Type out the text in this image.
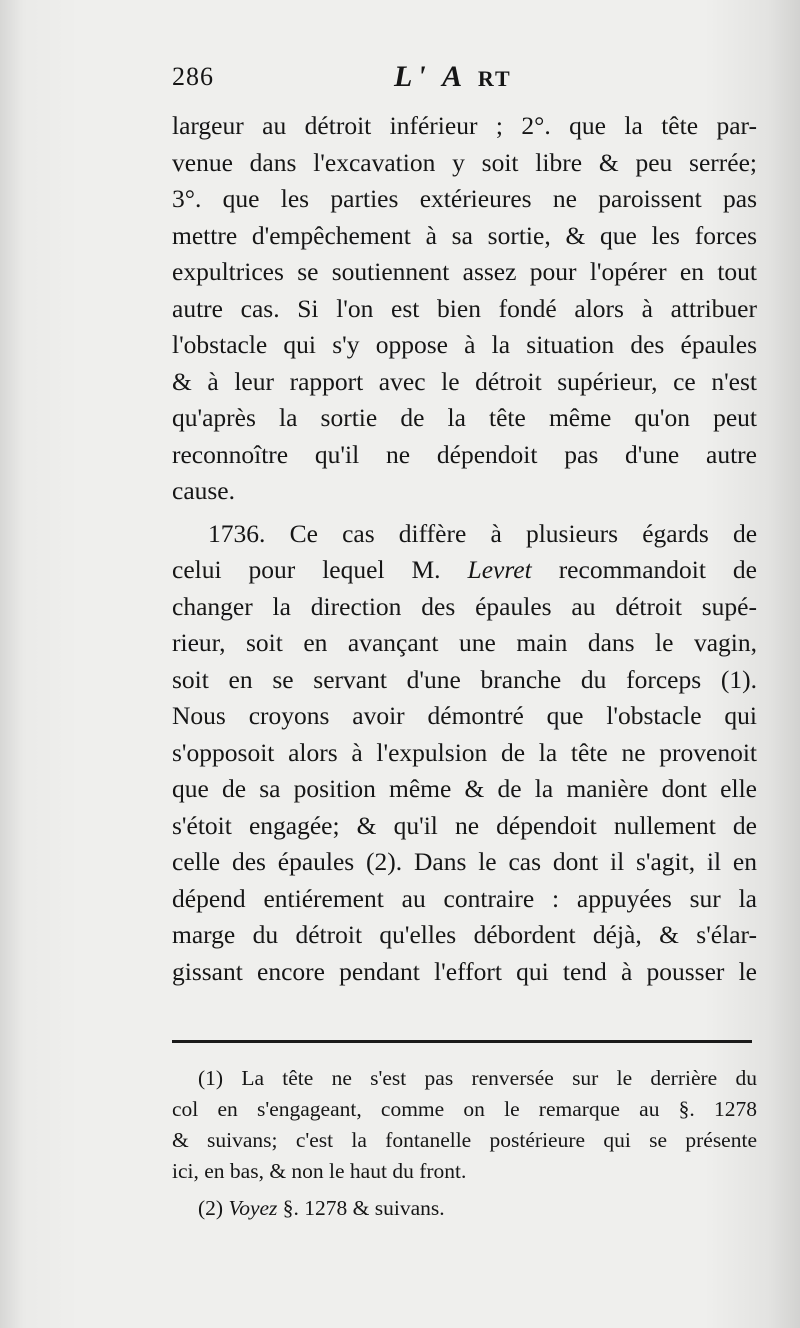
286	L' A RT
largeur au détroit inférieur ; 2°. que la tête par-
venue dans l'excavation y soit libre & peu serrée;
3°. que les parties extérieures ne paroissent pas
mettre d'empêchement à sa sortie, & que les forces
expultrices se soutiennent assez pour l'opérer en tout
autre cas. Si l'on est bien fondé alors à attribuer
l'obstacle qui s'y oppose à la situation des épaules
& à leur rapport avec le détroit supérieur, ce n'est
qu'après la sortie de la tête même qu'on peut
reconnoître qu'il ne dépendoit pas d'une autre
cause.
1736. Ce cas diffère à plusieurs égards de
celui pour lequel M. Levret recommandoit de
changer la direction des épaules au détroit supé-
rieur, soit en avançant une main dans le vagin,
soit en se servant d'une branche du forceps (1).
Nous croyons avoir démontré que l'obstacle qui
s'opposoit alors à l'expulsion de la tête ne provenoit
que de sa position même & de la manière dont elle
s'étoit engagée; & qu'il ne dépendoit nullement de
celle des épaules (2). Dans le cas dont il s'agit, il en
dépend entiérement au contraire : appuyées sur la
marge du détroit qu'elles débordent déjà, & s'élar-
gissant encore pendant l'effort qui tend à pousser le
(1) La tête ne s'est pas renversée sur le derrière du
col en s'engageant, comme on le remarque au §. 1278
& suivans; c'est la fontanelle postérieure qui se présente
ici, en bas, & non le haut du front.
(2) Voyez §. 1278 & suivans.
